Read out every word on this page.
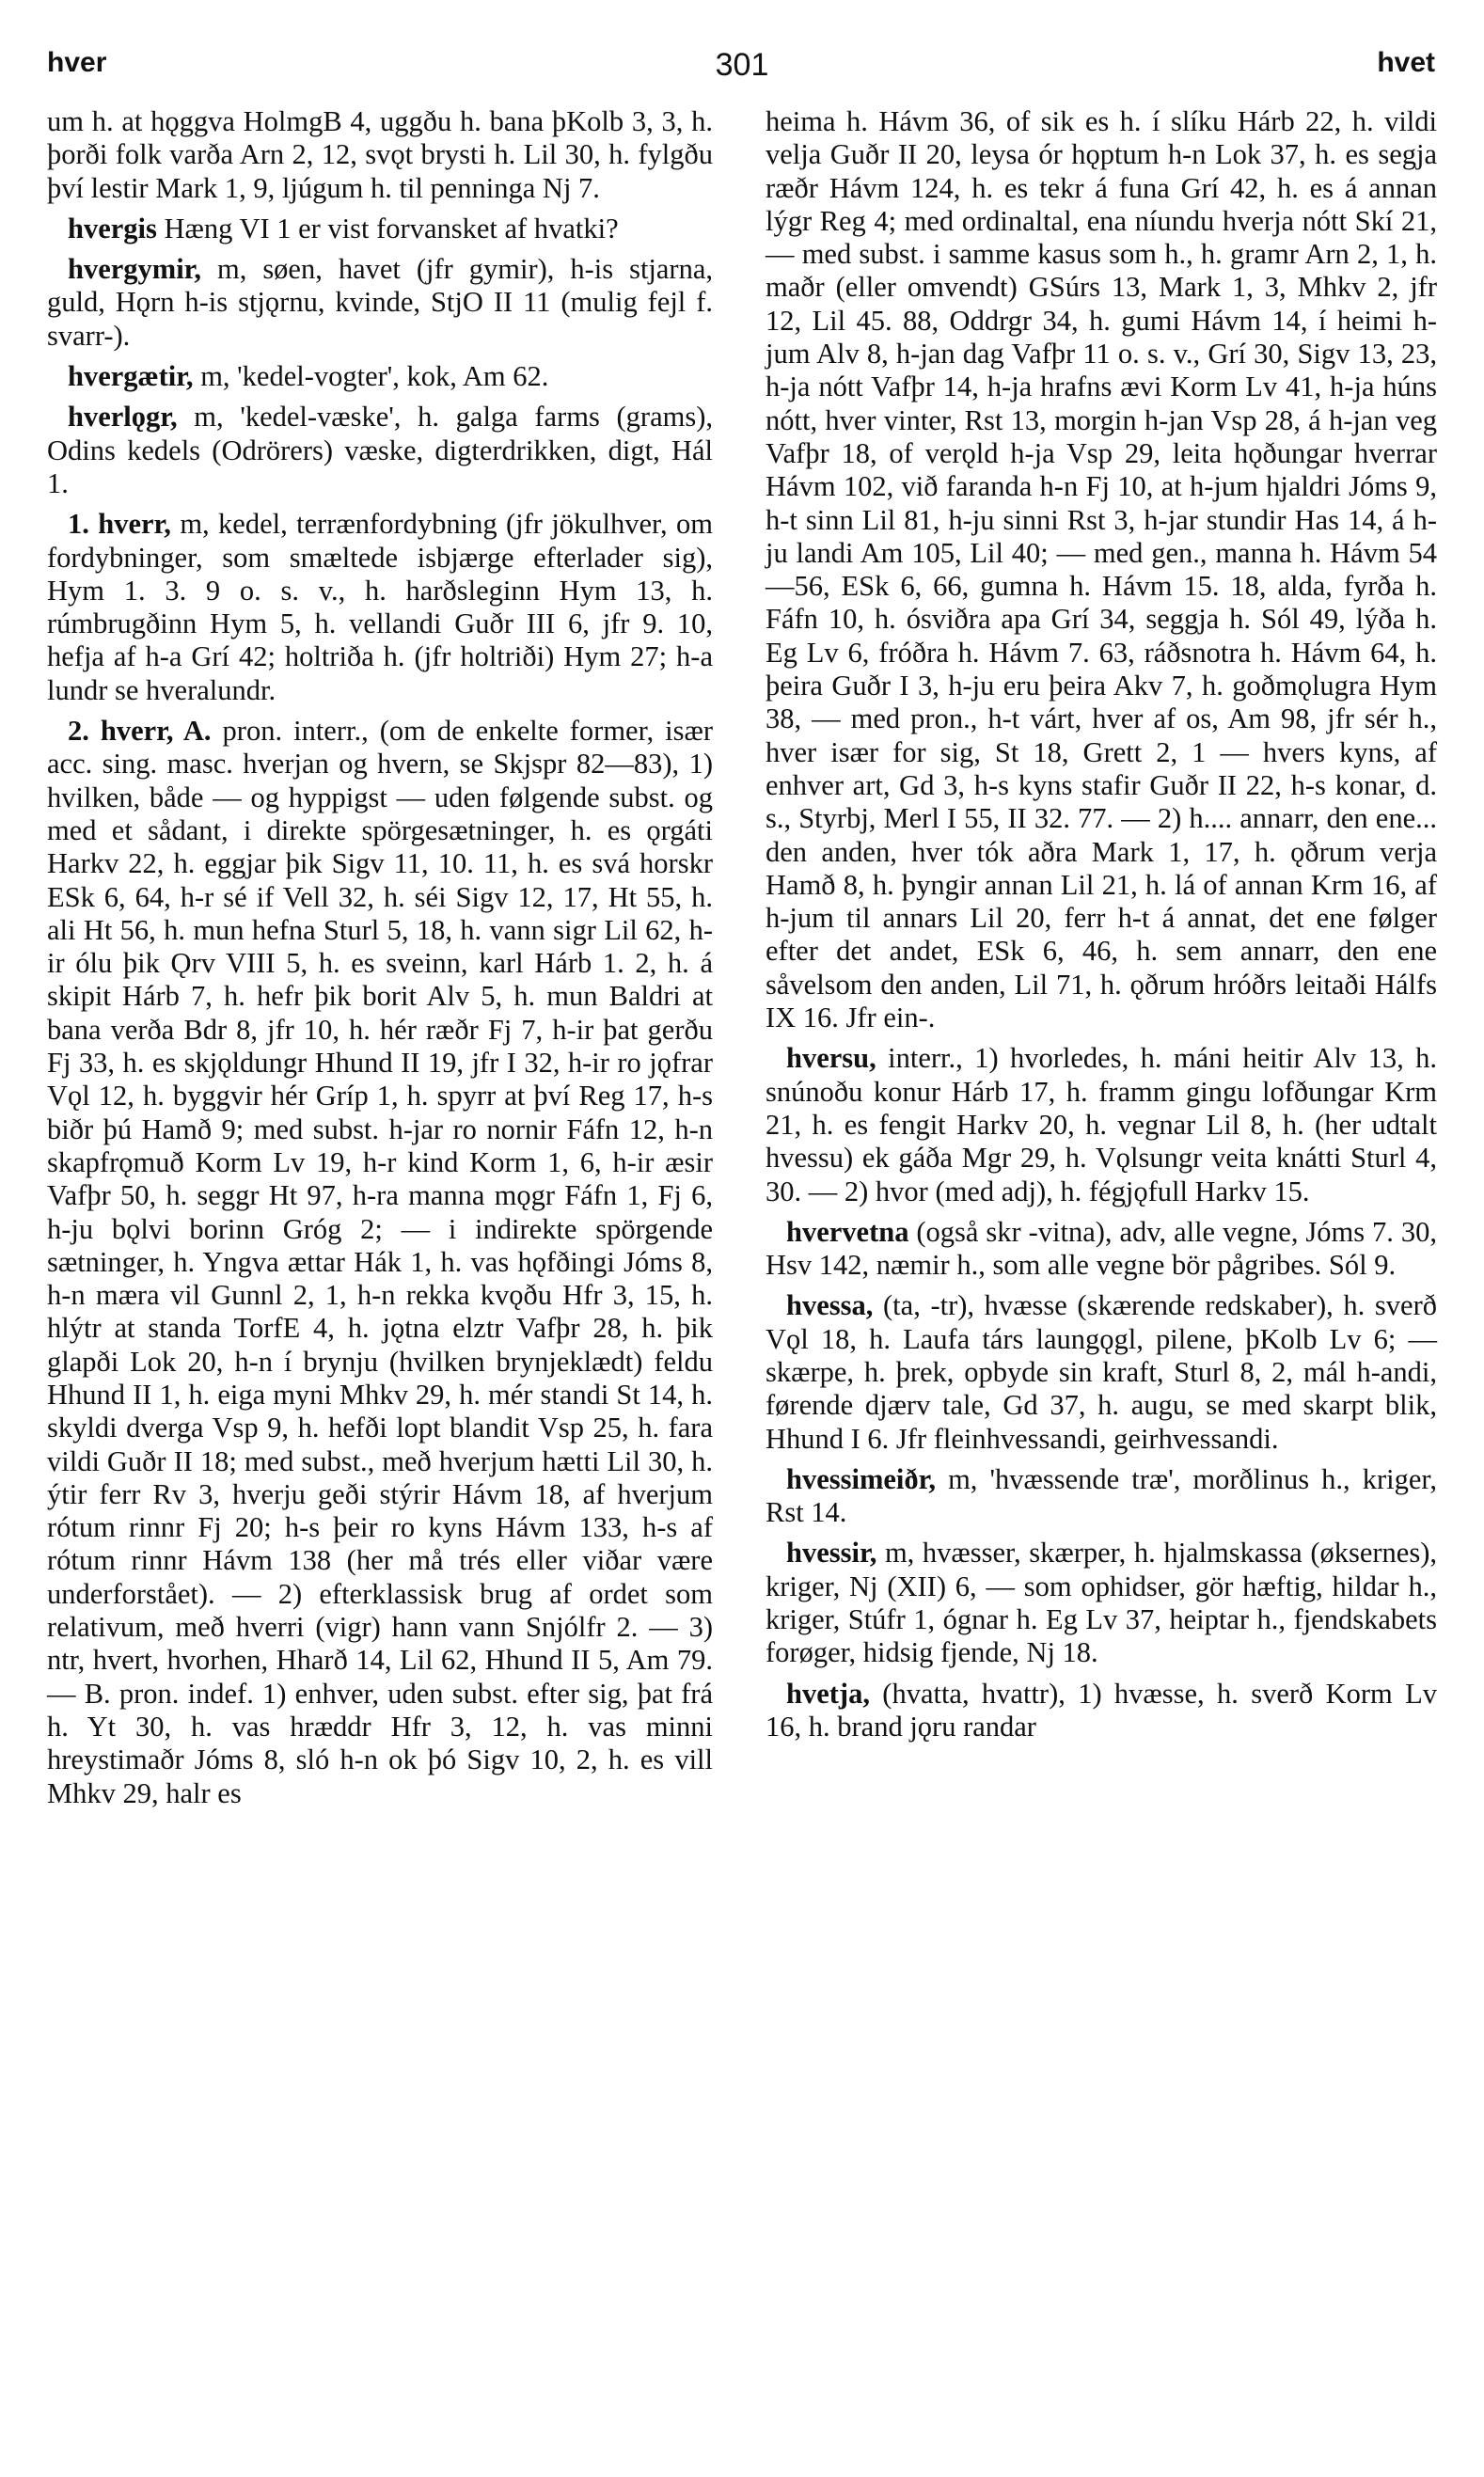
hver	301	hvet

um h. at hǫggva HolmgB 4, uggðu h. bana þKolb 3, 3, h. þorði folk varða Arn 2, 12, svǫt brysti h. Lil 30, h. fylgðu því lestir Mark 1, 9, ljúgum h. til penninga Nj 7.

hvergis Hæng VI 1 er vist forvansket af hvatki?

hvergymir, m, søen, havet (jfr gymir), h-is stjarna, guld, Hǫrn h-is stjǫrnu, kvinde, StjO II 11 (mulig fejl f. svarr-).

hvergætir, m, 'kedel-vogter', kok, Am 62.

hverlǫgr, m, 'kedel-væske', h. galga farms (grams), Odins kedels (Odrörers) væske, digterdrikken, digt, Hál 1.

1. hverr, m, kedel, terrænfordybning (jfr jökulhver, om fordybninger, som smæltede isbjærge efterlader sig), Hym 1. 3. 9 o. s. v., h. harðsleginn Hym 13, h. rúmbrugðinn Hym 5, h. vellandi Guðr III 6, jfr 9. 10, hefja af h-a Grí 42; holtriða h. (jfr holtriði) Hym 27; h-a lundr se hveralundr.

2. hverr, A. pron. interr., (om de enkelte former, især acc. sing. masc. hverjan og hvern, se Skjspr 82—83), 1) hvilken, både — og hyppigst — uden følgende subst. og med et sådant, i direkte spörgesætninger, h. es ǫrgáti Harkv 22, h. eggjar þik Sigv 11, 10. 11, h. es svá horskr ESk 6, 64, h-r sé if Vell 32, h. séi Sigv 12, 17, Ht 55, h. ali Ht 56, h. mun hefna Sturl 5, 18, h. vann sigr Lil 62, h-ir ólu þik Ǫrv VIII 5, h. es sveinn, karl Hárb 1. 2, h. á skipit Hárb 7, h. hefr þik borit Alv 5, h. mun Baldri at bana verða Bdr 8, jfr 10, h. hér ræðr Fj 7, h-ir þat gerðu Fj 33, h. es skjǫldungr Hhund II 19, jfr I 32, h-ir ro jǫfrar Vǫl 12, h. byggvir hér Gríp 1, h. spyrr at því Reg 17, h-s biðr þú Hamð 9; med subst. h-jar ro nornir Fáfn 12, h-n skapfrǫmuð Korm Lv 19, h-r kind Korm 1, 6, h-ir æsir Vafþr 50, h. seggr Ht 97, h-ra manna mǫgr Fáfn 1, Fj 6, h-ju bǫlvi borinn Gróg 2; — i indirekte spörgende sætninger, h. Yngva ættar Hák 1, h. vas hǫfðingi Jóms 8, h-n mæra vil Gunnl 2, 1, h-n rekka kvǫðu Hfr 3, 15, h. hlýtr at standa TorfE 4, h. jǫtna elztr Vafþr 28, h. þik glapði Lok 20, h-n í brynju (hvilken brynjeklædt) feldu Hhund II 1, h. eiga myni Mhkv 29, h. mér standi St 14, h. skyldi dverga Vsp 9, h. hefði lopt blandit Vsp 25, h. fara vildi Guðr II 18; med subst., með hverjum hætti Lil 30, h. ýtir ferr Rv 3, hverju geði stýrir Hávm 18, af hverjum rótum rinnr Fj 20; h-s þeir ro kyns Hávm 133, h-s af rótum rinnr Hávm 138 (her må trés eller viðar være underforstået). — 2) efterklassisk brug af ordet som relativum, með hverri (vigr) hann vann Snjólfr 2. — 3) ntr, hvert, hvorhen, Hharð 14, Lil 62, Hhund II 5, Am 79. — B. pron. indef. 1) enhver, uden subst. efter sig, þat frá h. Yt 30, h. vas hræddr Hfr 3, 12, h. vas minni hreystimaðr Jóms 8, sló h-n ok þó Sigv 10, 2, h. es vill Mhkv 29, halr es

heima h. Hávm 36, of sik es h. í slíku Hárb 22, h. vildi velja Guðr II 20, leysa ór hǫptum h-n Lok 37, h. es segja ræðr Hávm 124, h. es tekr á funa Grí 42, h. es á annan lýgr Reg 4; med ordinaltal, ena níundu hverja nótt Skí 21, — med subst. i samme kasus som h., h. gramr Arn 2, 1, h. maðr (eller omvendt) GSúrs 13, Mark 1, 3, Mhkv 2, jfr 12, Lil 45. 88, Oddrgr 34, h. gumi Hávm 14, í heimi h-jum Alv 8, h-jan dag Vafþr 11 o. s. v., Grí 30, Sigv 13, 23, h-ja nótt Vafþr 14, h-ja hrafns ævi Korm Lv 41, h-ja húns nótt, hver vinter, Rst 13, morgin h-jan Vsp 28, á h-jan veg Vafþr 18, of verǫld h-ja Vsp 29, leita hǫðungar hverrar Hávm 102, við faranda h-n Fj 10, at h-jum hjaldri Jóms 9, h-t sinn Lil 81, h-ju sinni Rst 3, h-jar stundir Has 14, á h-ju landi Am 105, Lil 40; — med gen., manna h. Hávm 54—56, ESk 6, 66, gumna h. Hávm 15. 18, alda, fyrða h. Fáfn 10, h. ósviðra apa Grí 34, seggja h. Sól 49, lýða h. Eg Lv 6, fróðra h. Hávm 7. 63, ráðsnotra h. Hávm 64, h. þeira Guðr I 3, h-ju eru þeira Akv 7, h. goðmǫlugra Hym 38, — med pron., h-t várt, hver af os, Am 98, jfr sér h., hver især for sig, St 18, Grett 2, 1 — hvers kyns, af enhver art, Gd 3, h-s kyns stafir Guðr II 22, h-s konar, d. s., Styrbj, Merl I 55, II 32. 77. — 2) h.... annarr, den ene... den anden, hver tók aðra Mark 1, 17, h. ǫðrum verja Hamð 8, h. þyngir annan Lil 21, h. lá of annan Krm 16, af h-jum til annars Lil 20, ferr h-t á annat, det ene følger efter det andet, ESk 6, 46, h. sem annarr, den ene såvelsom den anden, Lil 71, h. ǫðrum hróðrs leitaði Hálfs IX 16. Jfr ein-.

hversu, interr., 1) hvorledes, h. máni heitir Alv 13, h. snúnoðu konur Hárb 17, h. framm gingu lofðungar Krm 21, h. es fengit Harkv 20, h. vegnar Lil 8, h. (her udtalt hvessu) ek gáða Mgr 29, h. Vǫlsungr veita knátti Sturl 4, 30. — 2) hvor (med adj), h. fégjǫfull Harkv 15.

hvervetna (også skr -vitna), adv, alle vegne, Jóms 7. 30, Hsv 142, næmir h., som alle vegne bör pågribes. Sól 9.

hvessa, (ta, -tr), hvæsse (skærende redskaber), h. sverð Vǫl 18, h. Laufa társ laungǫgl, pilene, þKolb Lv 6; — skærpe, h. þrek, opbyde sin kraft, Sturl 8, 2, mál h-andi, førende djærv tale, Gd 37, h. augu, se med skarpt blik, Hhund I 6. Jfr fleinhvessandi, geirhvessandi.

hvessimeiðr, m, 'hvæssende træ', morðlinus h., kriger, Rst 14.

hvessir, m, hvæsser, skærper, h. hjalmskassa (øksernes), kriger, Nj (XII) 6, — som ophidser, gör hæftig, hildar h., kriger, Stúfr 1, ógnar h. Eg Lv 37, heiptar h., fjendskabets forøger, hidsig fjende, Nj 18.

hvetja, (hvatta, hvattr), 1) hvæsse, h. sverð Korm Lv 16, h. brand jǫru randar
